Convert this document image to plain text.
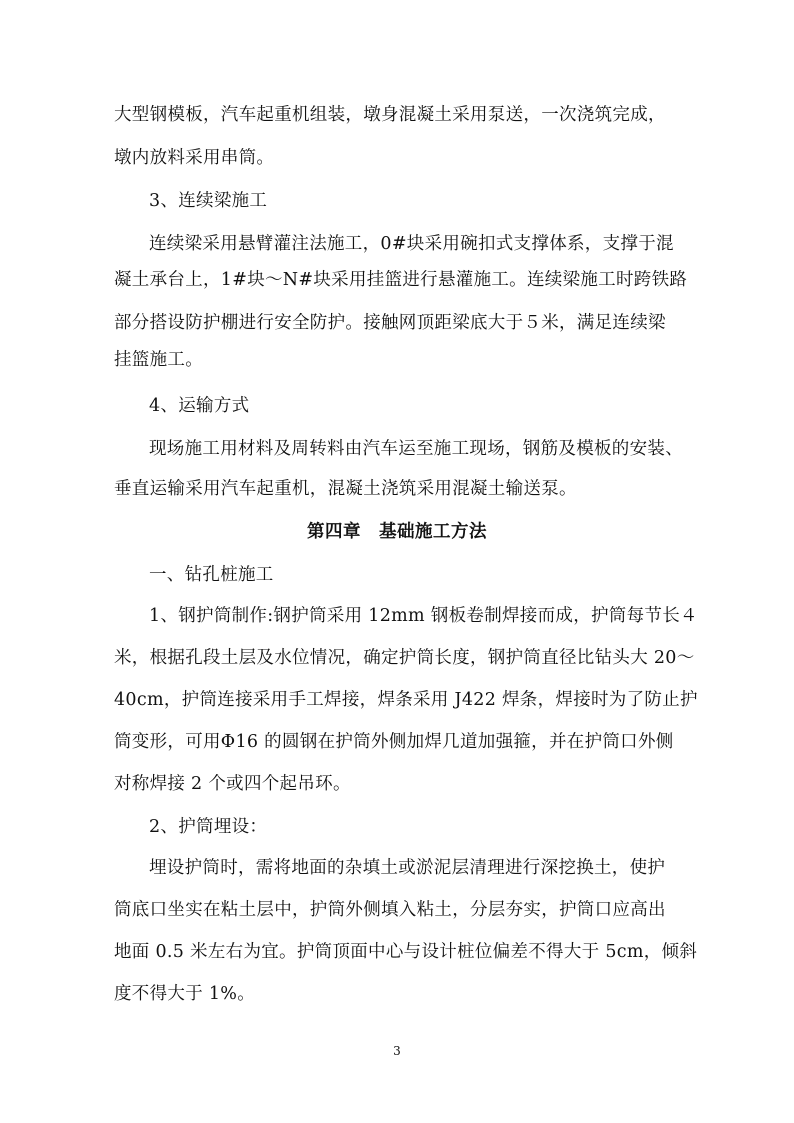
大型钢模板，汽车起重机组装，墩身混凝土采用泵送，一次浇筑完成，
墩内放料采用串筒。
3、连续梁施工
连续梁采用悬臂灌注法施工，0#块采用碗扣式支撑体系，支撑于混
凝土承台上，1#块～N#块采用挂篮进行悬灌施工。连续梁施工时跨铁路
部分搭设防护棚进行安全防护。接触网顶距梁底大于５米，满足连续梁
挂篮施工。
4、运输方式
现场施工用材料及周转料由汽车运至施工现场，钢筋及模板的安装、
垂直运输采用汽车起重机，混凝土浇筑采用混凝土输送泵。
第四章　基础施工方法
一、钻孔桩施工
1、钢护筒制作:钢护筒采用 12mm 钢板卷制焊接而成，护筒每节长４
米，根据孔段土层及水位情况，确定护筒长度，钢护筒直径比钻头大 20～
40cm，护筒连接采用手工焊接，焊条采用 J422 焊条，焊接时为了防止护
筒变形，可用Φ16 的圆钢在护筒外侧加焊几道加强箍，并在护筒口外侧
对称焊接 2 个或四个起吊环。
2、护筒埋设：
埋设护筒时，需将地面的杂填土或淤泥层清理进行深挖换土，使护
筒底口坐实在粘土层中，护筒外侧填入粘土，分层夯实，护筒口应高出
地面 0.5 米左右为宜。护筒顶面中心与设计桩位偏差不得大于 5cm，倾斜
度不得大于 1%。
3
